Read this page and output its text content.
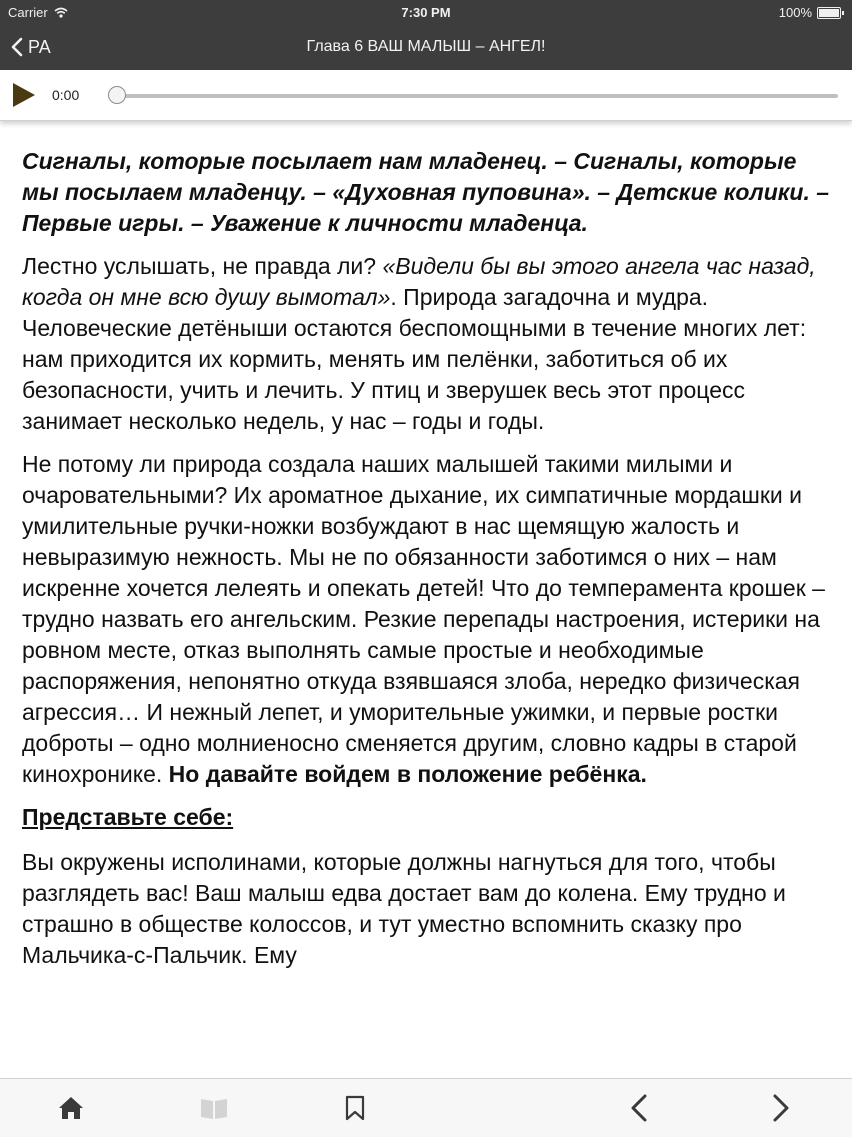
Carrier	7:30 PM	100%
РА	Глава 6 ВАШ МАЛЫШ – АНГЕЛ!
0:00

Сигналы, которые посылает нам младенец. – Сигналы, которые мы посылаем младенцу. – «Духовная пуповина». – Детские колики. – Первые игры. – Уважение к личности младенца.

Лестно услышать, не правда ли? «Видели бы вы этого ангела час назад, когда он мне всю душу вымотал». Природа загадочна и мудра. Человеческие детёныши остаются беспомощными в течение многих лет: нам приходится их кормить, менять им пелёнки, заботиться об их безопасности, учить и лечить. У птиц и зверушек весь этот процесс занимает несколько недель, у нас – годы и годы.

Не потому ли природа создала наших малышей такими милыми и очаровательными? Их ароматное дыхание, их симпатичные мордашки и умилительные ручки-ножки возбуждают в нас щемящую жалость и невыразимую нежность. Мы не по обязанности заботимся о них – нам искренне хочется лелеять и опекать детей! Что до темперамента крошек – трудно назвать его ангельским. Резкие перепады настроения, истерики на ровном месте, отказ выполнять самые простые и необходимые распоряжения, непонятно откуда взявшаяся злоба, нередко физическая агрессия… И нежный лепет, и уморительные ужимки, и первые ростки доброты – одно молниеносно сменяется другим, словно кадры в старой кинохронике. Но давайте войдем в положение ребёнка.

Представьте себе:

Вы окружены исполинами, которые должны нагнуться для того, чтобы разглядеть вас! Ваш малыш едва достает вам до колена. Ему трудно и страшно в обществе колоссов, и тут уместно вспомнить сказку про Мальчика-с-Пальчик. Ему
